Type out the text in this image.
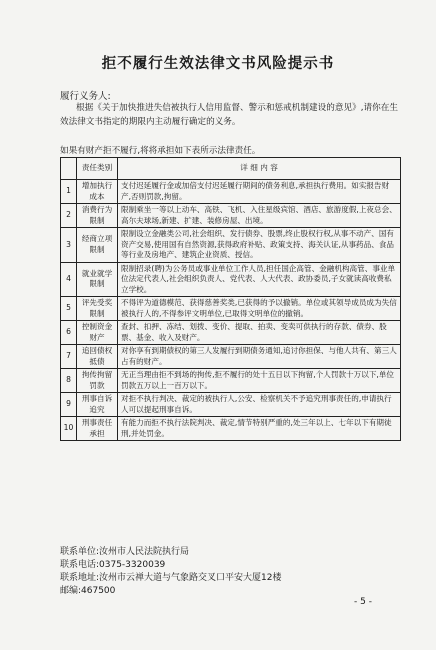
拒不履行生效法律文书风险提示书
履行义务人:
根据《关于加快推进失信被执行人信用监督、警示和惩戒机制建设的意见》,请你在生效法律文书指定的期限内主动履行确定的义务。
如果有财产拒不履行,将将承担如下表所示法律责任。
	责任类别	详 细 内 容
1	增加执行成本	支付迟延履行金或加倍支付迟延履行期间的债务利息,承担执行费用。如实报告财产,否则罚款,拘留。
2	消费行为限制	限制乘坐一等以上动车、高铁、飞机、入住星级宾馆、酒店、旅游度假,上夜总会、高尔夫球场,新建、扩建、装修房屋、出境。
3	经商立项限制	限制设立金融类公司,社会组织、发行债券、股票,终止股权行权,从事不动产、国有资产交易,使用国有自然资源,获得政府补贴、政策支持、海关认证,从事药品、食品等行业及房地产、建筑企业资质、授信。
4	就业就学限制	限制招录(聘)为公务员或事业单位工作人员,担任国企高管、金融机构高管、事业单位法定代表人,社会组织负责人、党代表、人大代表、政协委员,子女就读高收费私立学校。
5	评先受奖限制	不得评为道德模范、获得慈善奖类,已获得的予以撤销。单位或其领导成员成为失信被执行人的,不得参评文明单位,已取得文明单位的撤销。
6	控制资金财产	查封、扣押、冻结、划拨、变价、提取、拍卖、变卖可供执行的存款、债券、股票、基金、收入及财产。
7	追回债权抵债	对你享有到期债权的第三人发履行到期债务通知,追讨你担保、与他人共有、第三人占有的财产。
8	拘传拘留罚款	无正当理由拒不到场的拘传,拒不履行的处十五日以下拘留,个人罚款十万以下,单位罚款五万以上一百万以下。
9	刑事自诉追究	对拒不执行判决、裁定的被执行人,公安、检察机关不予追究刑事责任的,申请执行人可以提起刑事自诉。
10	刑事责任承担	有能力而拒不执行法院判决、裁定,情节特别严重的,处三年以上、七年以下有期徒刑,并处罚金。
联系单位:汝州市人民法院执行局
联系电话:0375-3320039
联系地址:汝州市云禅大道与气象路交叉口平安大厦12楼
邮编:467500
- 5 -
